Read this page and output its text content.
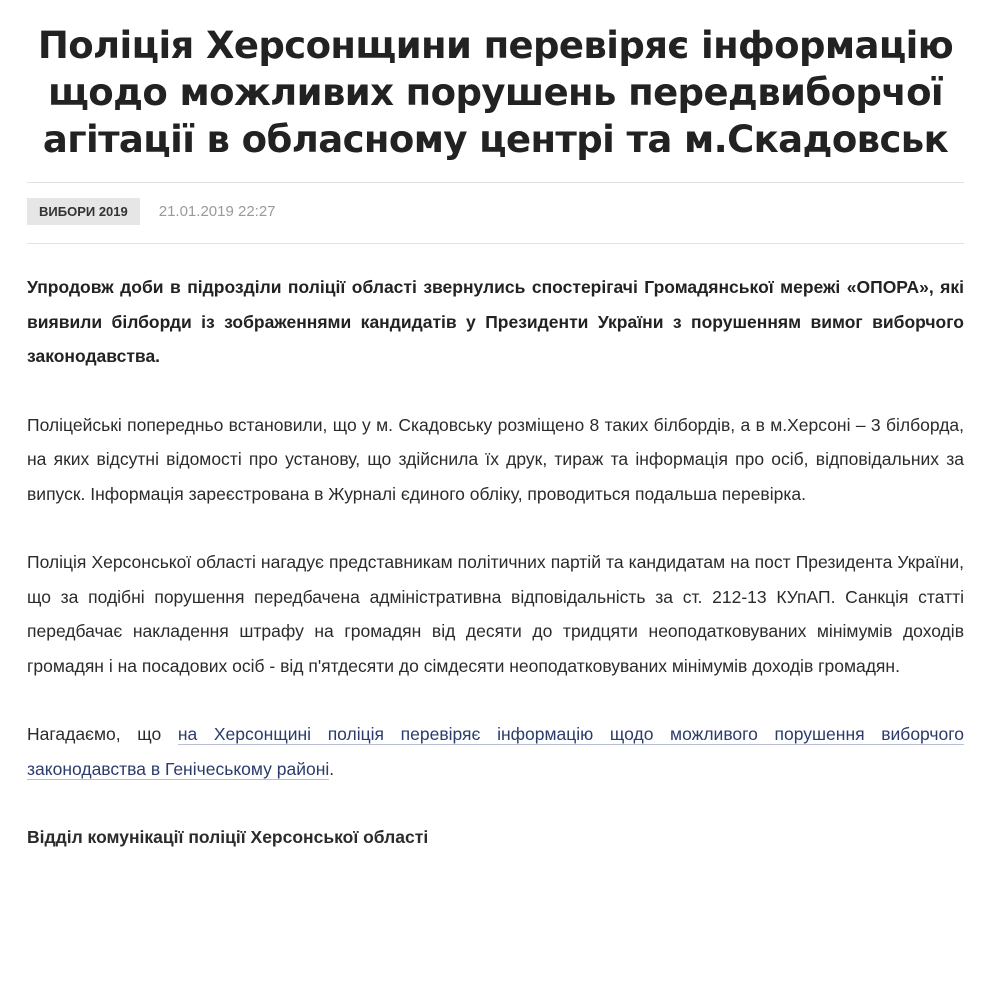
Поліція Херсонщини перевіряє інформацію щодо можливих порушень передвиборчої агітації в обласному центрі та м.Скадовськ
ВИБОРИ 2019	21.01.2019 22:27

Упродовж доби в підрозділи поліції області звернулись спостерігачі Громадянської мережі «ОПОРА», які виявили білборди із зображеннями кандидатів у Президенти України з порушенням вимог виборчого законодавства.

Поліцейські попередньо встановили, що у м. Скадовську розміщено 8 таких білбордів, а в м.Херсоні – 3 білборда, на яких відсутні відомості про установу, що здійснила їх друк, тираж та інформація про осіб, відповідальних за випуск. Інформація зареєстрована в Журналі єдиного обліку, проводиться подальша перевірка.

Поліція Херсонської області нагадує представникам політичних партій та кандидатам на пост Президента України, що за подібні порушення передбачена адміністративна відповідальність за ст. 212-13 КУпАП. Санкція статті передбачає накладення штрафу на громадян від десяти до тридцяти неоподатковуваних мінімумів доходів громадян і на посадових осіб - від п'ятдесяти до сімдесяти неоподатковуваних мінімумів доходів громадян.

Нагадаємо, що на Херсонщині поліція перевіряє інформацію щодо можливого порушення виборчого законодавства в Генічеському районі.

Відділ комунікації поліції Херсонської області
